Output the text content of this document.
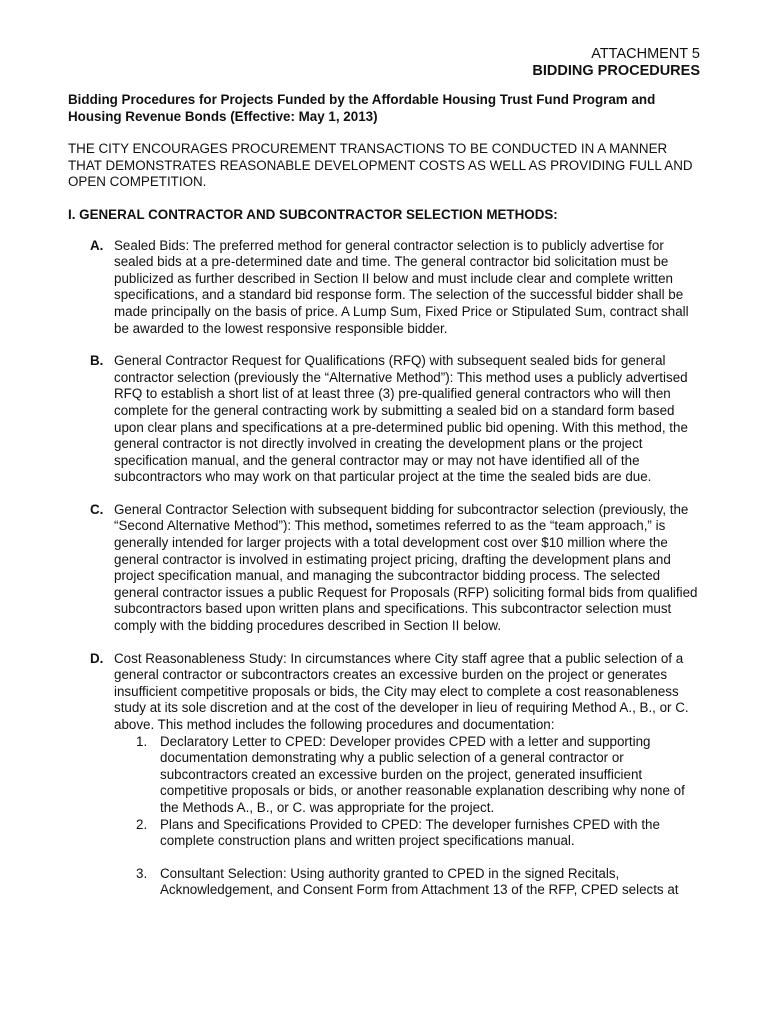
ATTACHMENT 5
BIDDING PROCEDURES
Bidding Procedures for Projects Funded by the Affordable Housing Trust Fund Program and Housing Revenue Bonds (Effective: May 1, 2013)
THE CITY ENCOURAGES PROCUREMENT TRANSACTIONS TO BE CONDUCTED IN A MANNER THAT DEMONSTRATES REASONABLE DEVELOPMENT COSTS AS WELL AS PROVIDING FULL AND OPEN COMPETITION.
I. GENERAL CONTRACTOR AND SUBCONTRACTOR SELECTION METHODS:
A. Sealed Bids: The preferred method for general contractor selection is to publicly advertise for sealed bids at a pre-determined date and time. The general contractor bid solicitation must be publicized as further described in Section II below and must include clear and complete written specifications, and a standard bid response form. The selection of the successful bidder shall be made principally on the basis of price. A Lump Sum, Fixed Price or Stipulated Sum, contract shall be awarded to the lowest responsive responsible bidder.
B. General Contractor Request for Qualifications (RFQ) with subsequent sealed bids for general contractor selection (previously the “Alternative Method”): This method uses a publicly advertised RFQ to establish a short list of at least three (3) pre-qualified general contractors who will then complete for the general contracting work by submitting a sealed bid on a standard form based upon clear plans and specifications at a pre-determined public bid opening. With this method, the general contractor is not directly involved in creating the development plans or the project specification manual, and the general contractor may or may not have identified all of the subcontractors who may work on that particular project at the time the sealed bids are due.
C. General Contractor Selection with subsequent bidding for subcontractor selection (previously, the “Second Alternative Method”): This method, sometimes referred to as the “team approach,” is generally intended for larger projects with a total development cost over $10 million where the general contractor is involved in estimating project pricing, drafting the development plans and project specification manual, and managing the subcontractor bidding process. The selected general contractor issues a public Request for Proposals (RFP) soliciting formal bids from qualified subcontractors based upon written plans and specifications. This subcontractor selection must comply with the bidding procedures described in Section II below.
D. Cost Reasonableness Study: In circumstances where City staff agree that a public selection of a general contractor or subcontractors creates an excessive burden on the project or generates insufficient competitive proposals or bids, the City may elect to complete a cost reasonableness study at its sole discretion and at the cost of the developer in lieu of requiring Method A., B., or C. above. This method includes the following procedures and documentation:
1. Declaratory Letter to CPED: Developer provides CPED with a letter and supporting documentation demonstrating why a public selection of a general contractor or subcontractors created an excessive burden on the project, generated insufficient competitive proposals or bids, or another reasonable explanation describing why none of the Methods A., B., or C. was appropriate for the project.
2. Plans and Specifications Provided to CPED: The developer furnishes CPED with the complete construction plans and written project specifications manual.
3. Consultant Selection: Using authority granted to CPED in the signed Recitals, Acknowledgement, and Consent Form from Attachment 13 of the RFP, CPED selects at
